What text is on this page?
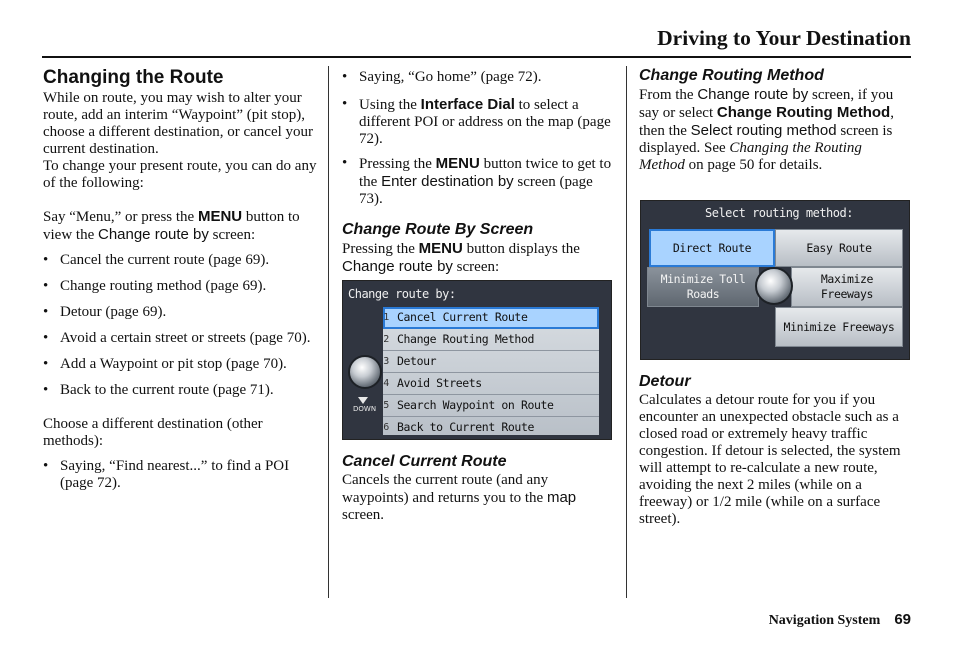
Driving to Your Destination
Changing the Route

While on route, you may wish to alter your route, add an interim “Waypoint” (pit stop), choose a different destination, or cancel your current destination.

To change your present route, you can do any of the following:

Say “Menu,” or press the MENU button to view the Change route by screen:

• Cancel the current route (page 69).
• Change routing method (page 69).
• Detour (page 69).
• Avoid a certain street or streets (page 70).
• Add a Waypoint or pit stop (page 70).
• Back to the current route (page 71).

Choose a different destination (other methods):

• Saying, “Find nearest...” to find a POI (page 72).
• Saying, “Go home” (page 72).
• Using the Interface Dial to select a different POI or address on the map (page 72).
• Pressing the MENU button twice to get to the Enter destination by screen (page 73).
Change Route By Screen

Pressing the MENU button displays the Change route by screen:

Change route by:
1 Cancel Current Route
2 Change Routing Method
3 Detour
4 Avoid Streets
5 Search Waypoint on Route
6 Back to Current Route
DOWN
Cancel Current Route

Cancels the current route (and any waypoints) and returns you to the map screen.

Change Routing Method

From the Change route by screen, if you say or select Change Routing Method, then the Select routing method screen is displayed. See Changing the Routing Method on page 50 for details.

Select routing method:
Direct Route	Easy Route
Minimize Toll Roads
Maximize Freeways
Minimize Freeways
Detour

Calculates a detour route for you if you encounter an unexpected obstacle such as a closed road or extremely heavy traffic congestion. If detour is selected, the system will attempt to re-calculate a new route, avoiding the next 2 miles (while on a freeway) or 1/2 mile (while on a surface street).

Navigation System 69
